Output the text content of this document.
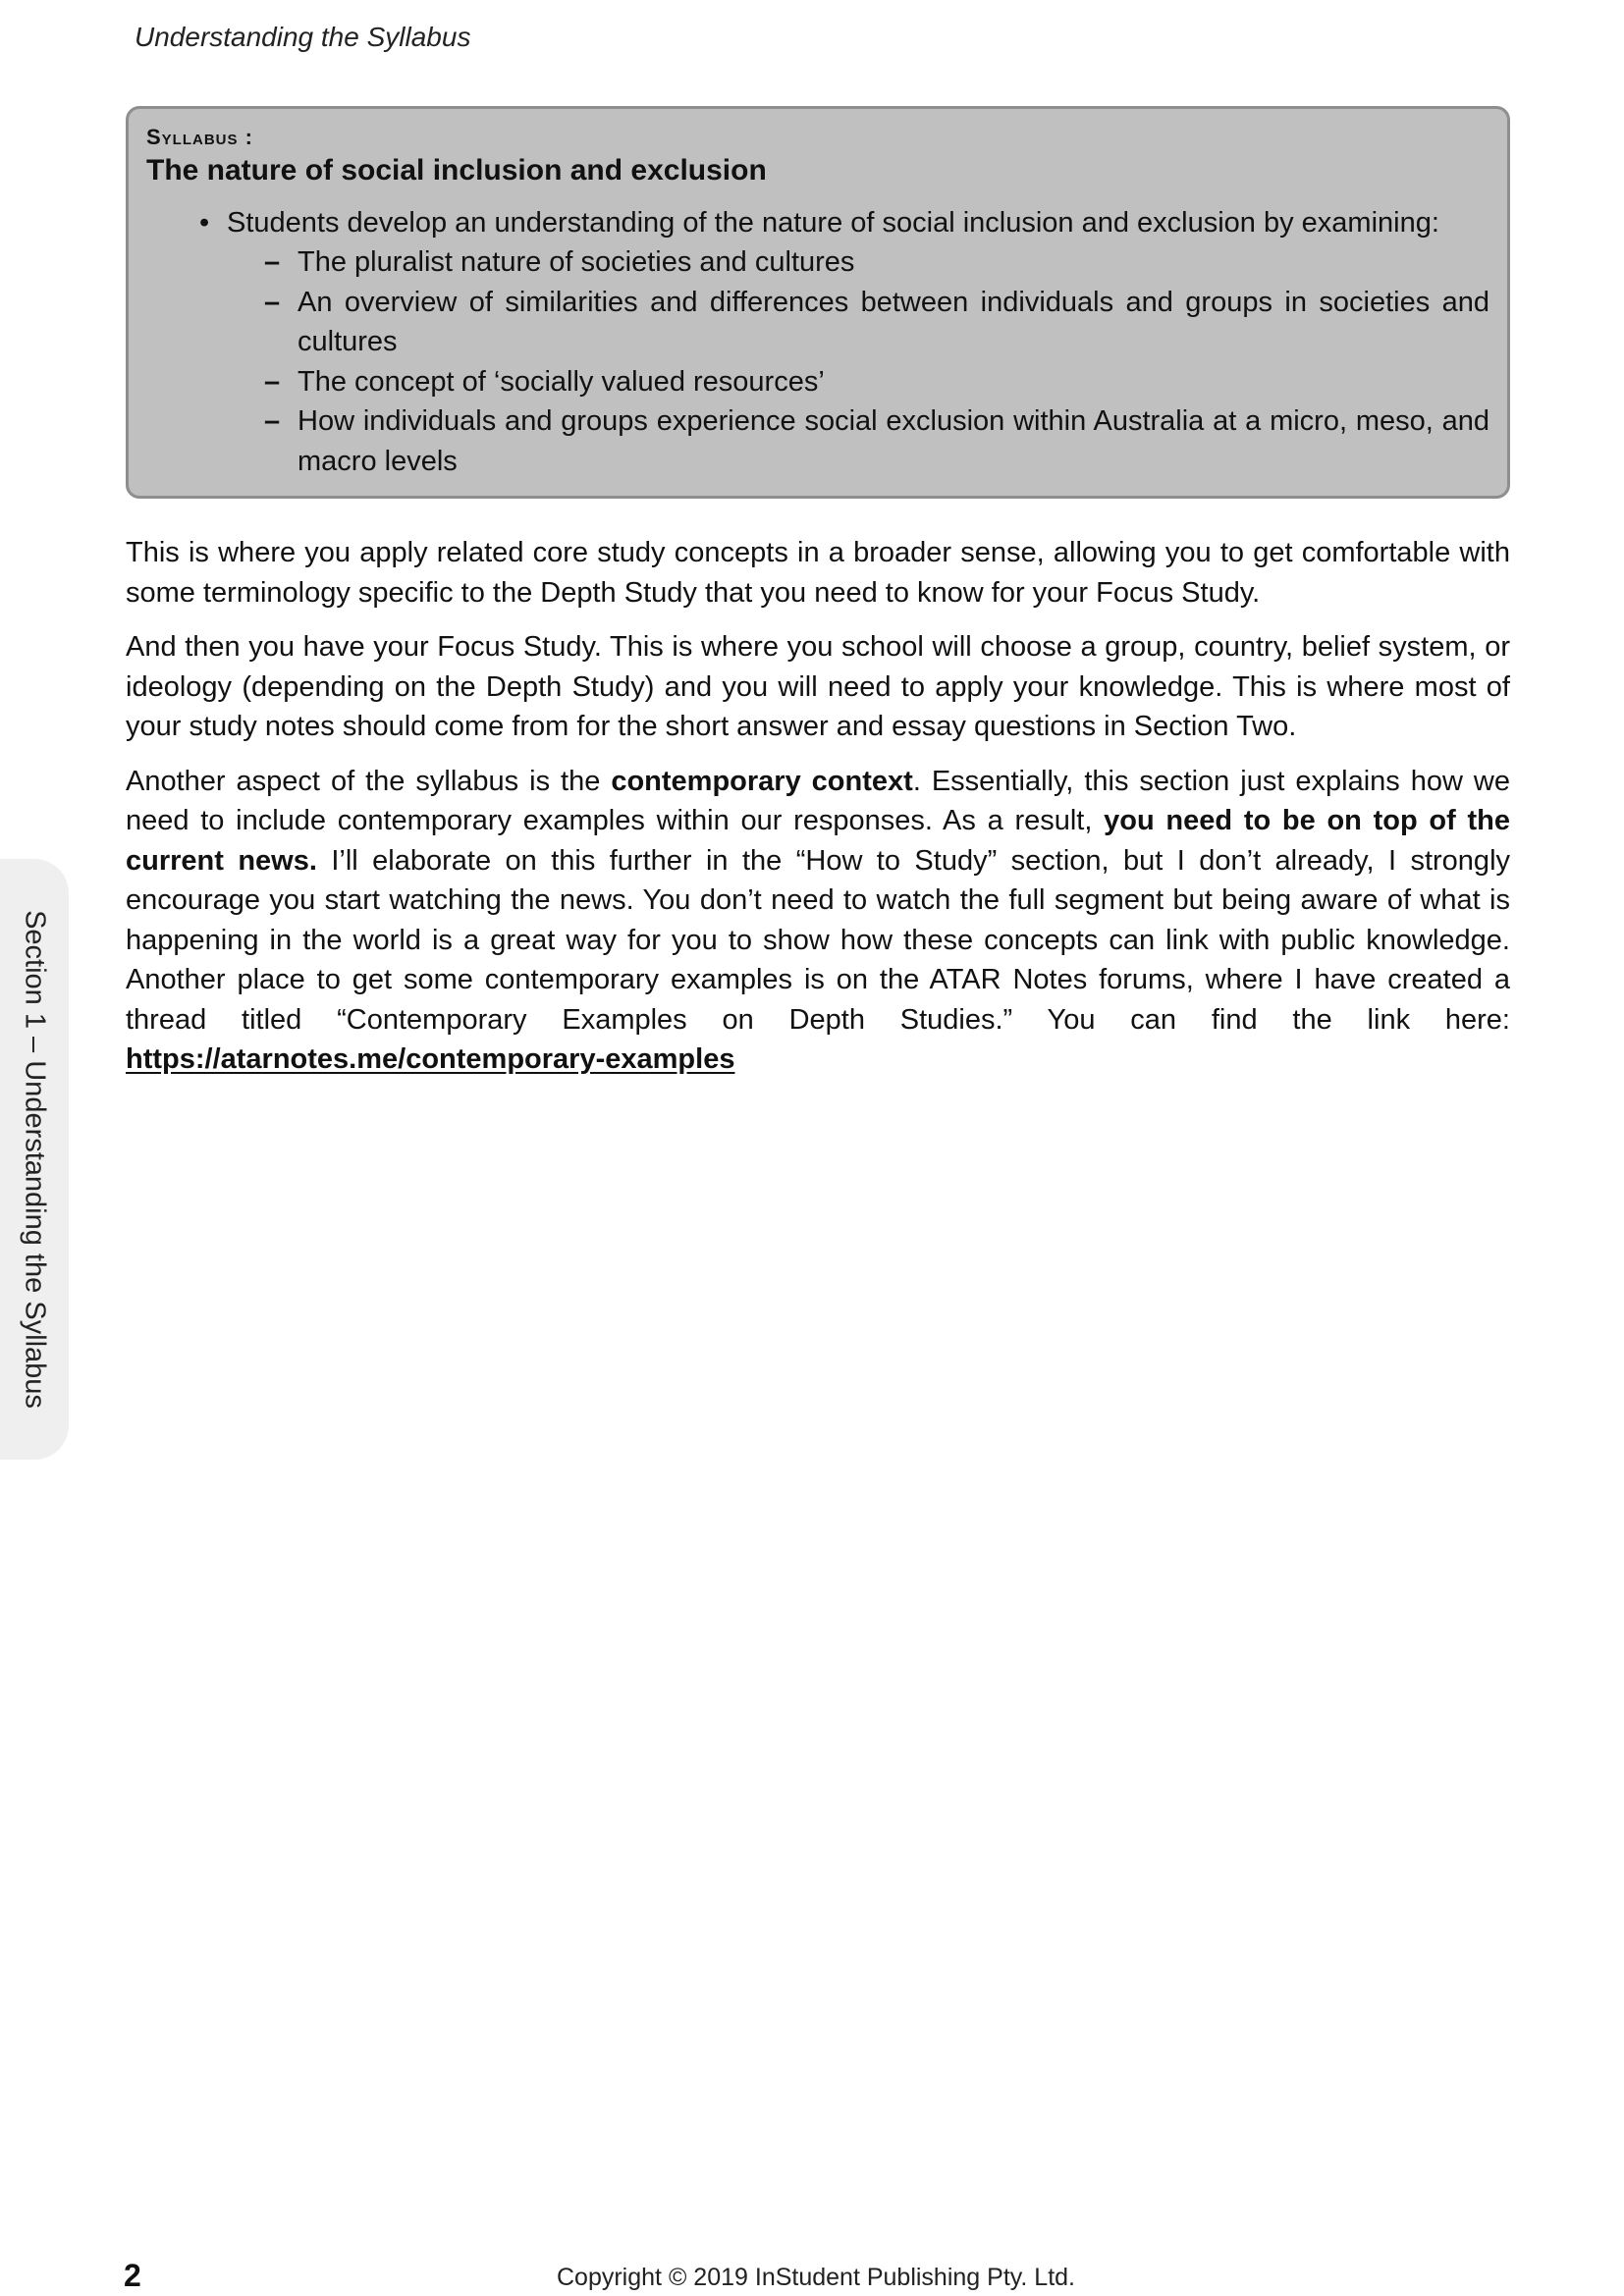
Understanding the Syllabus
Syllabus :
The nature of social inclusion and exclusion
• Students develop an understanding of the nature of social inclusion and exclusion by examining:
– The pluralist nature of societies and cultures
– An overview of similarities and differences between individuals and groups in societies and cultures
– The concept of ‘socially valued resources’
– How individuals and groups experience social exclusion within Australia at a micro, meso, and macro levels

This is where you apply related core study concepts in a broader sense, allowing you to get comfortable with some terminology specific to the Depth Study that you need to know for your Focus Study.

And then you have your Focus Study. This is where you school will choose a group, country, belief system, or ideology (depending on the Depth Study) and you will need to apply your knowledge. This is where most of your study notes should come from for the short answer and essay questions in Section Two.

Another aspect of the syllabus is the contemporary context. Essentially, this section just explains how we need to include contemporary examples within our responses. As a result, you need to be on top of the current news. I’ll elaborate on this further in the “How to Study” section, but I don’t already, I strongly encourage you start watching the news. You don’t need to watch the full segment but being aware of what is happening in the world is a great way for you to show how these concepts can link with public knowledge. Another place to get some contemporary examples is on the ATAR Notes forums, where I have created a thread titled “Contemporary Examples on Depth Studies.” You can find the link here: https://atarnotes.me/contemporary-examples

Section 1 – Understanding the Syllabus
2	Copyright © 2019 InStudent Publishing Pty. Ltd.
